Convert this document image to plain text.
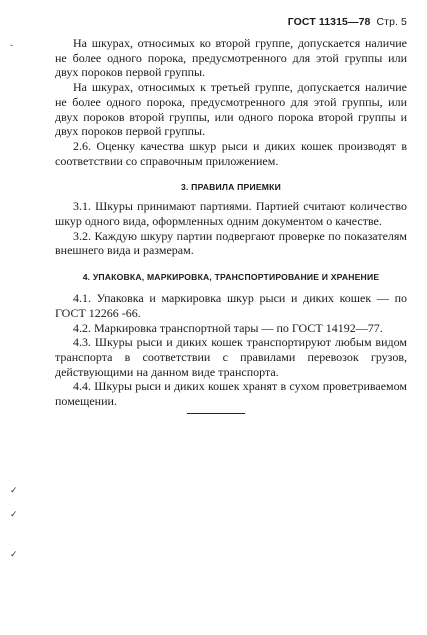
ГОСТ 11315—78 Стр. 5
-
✓
✓
✓

На шкурах, относимых ко второй группе, допускается наличие не более одного порока, предусмотренного для этой группы или двух пороков первой группы.

На шкурах, относимых к третьей группе, допускается наличие не более одного порока, предусмотренного для этой группы, или двух пороков второй группы, или одного порока второй группы и двух пороков первой группы.

2.6. Оценку качества шкур рыси и диких кошек производят в соответствии со справочным приложением.

3. ПРАВИЛА ПРИЕМКИ

3.1. Шкуры принимают партиями. Партией считают количество шкур одного вида, оформленных одним документом о качестве.

3.2. Каждую шкуру партии подвергают проверке по показателям внешнего вида и размерам.

4. УПАКОВКА, МАРКИРОВКА, ТРАНСПОРТИРОВАНИЕ И ХРАНЕНИЕ

4.1. Упаковка и маркировка шкур рыси и диких кошек — по ГОСТ 12266 -66.

4.2. Маркировка транспортной тары — по ГОСТ 14192—77.

4.3. Шкуры рыси и диких кошек транспортируют любым видом транспорта в соответствии с правилами перевозок грузов, действующими на данном виде транспорта.

4.4. Шкуры рыси и диких кошек хранят в сухом проветриваемом помещении.
